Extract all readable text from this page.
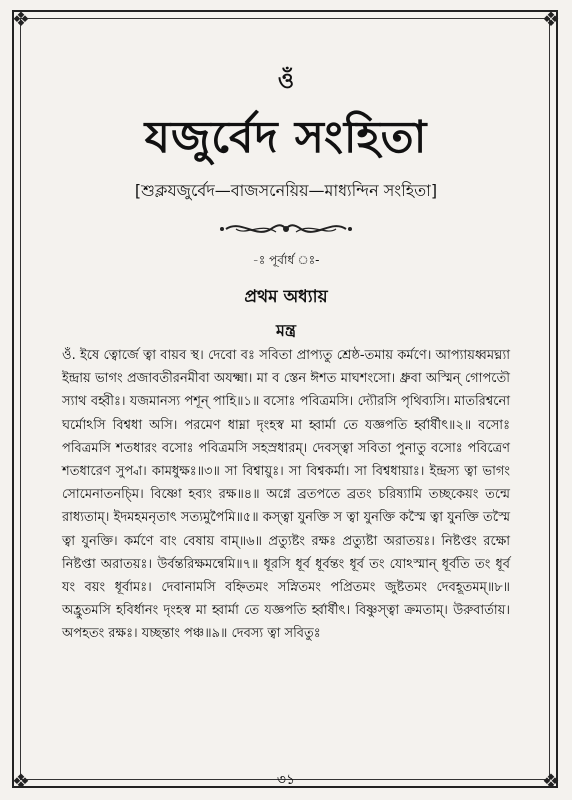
❖	❖
❖	❖
ওঁ
যজুর্বেদ সংহিতা
[শুক্লযজুর্বেদ—বাজসনেয়িয়—মাধ্যন্দিন সংহিতা]
-ঃ পূর্বার্ধ ঃ-
প্রথম অধ্যায়
মন্ত্র

ওঁ. ইষে ত্বোর্জে ত্বা বায়ব স্থ। দেবো বঃ সবিতা প্রাপ্যতু শ্রেষ্ঠ-তমায় কর্মণে। আপ্যায়ধ্বমঘ্ন্যা ইন্দ্রায় ভাগং প্রজাবতীরনমীবা অযক্ষ্মা। মা ব স্তেন ঈশত মাঘশংসো। ধ্রুবা অস্মিন্ গোপতৌ স্যাথ বহ্বীঃ। যজমানস্য পশূন্ পাহি॥১॥ বসোঃ পবিত্রমসি। দ্যৌরসি পৃথিব্যসি। মাতরিশ্বনো ঘর্মোঽসি বিশ্বধা অসি। পরমেণ ধাম্না দৃংহস্ব মা হ্বার্মা তে যজ্ঞপতি র্হ্বার্ষীৎ॥২॥ বসোঃ পবিত্রমসি শতধারং বসোঃ পবিত্রমসি সহস্রধারম্। দেবস্ত্বা সবিতা পুনাতু বসোঃ পবিত্রেণ শতধারেণ সুপ্বা। কামধুক্ষঃ॥৩॥ সা বিশ্বায়ুঃ। সা বিশ্বকর্মা। সা বিশ্বধায়াঃ। ইন্দ্রস্য ত্বা ভাগং সোমেনাতনচ্মি। বিষ্ণো হব্যং রক্ষ॥৪॥ অগ্নে ব্রতপতে ব্রতং চরিষ্যামি তচ্ছকেয়ং তন্মে রাধ্যতাম্। ইদমহমনৃতাৎ সত্যমুপৈমি॥৫॥ কস্ত্বা যুনক্তি স ত্বা যুনক্তি কস্মৈ ত্বা যুনক্তি তস্মৈ ত্বা যুনক্তি। কর্মণে বাং বেষায় বাম্॥৬॥ প্রত্যুষ্টং রক্ষঃ প্রত্যুষ্টা অরাতয়ঃ। নিষ্টপ্তং রক্ষো নিষ্টপ্তা অরাতয়ঃ। উর্বন্তরিক্ষমন্বেমি॥৭॥ ধূরসি ধূর্ব ধূর্বন্তং ধূর্ব তং যোঽস্মান্ ধূর্বতি তং ধূর্ব যং বয়ং ধূর্বামঃ। দেবানামসি বহ্নিতমং সস্নিতমং পপ্রিতমং জুষ্টতমং দেবহূতমম্॥৮॥ অহ্রুতমসি হবির্ধানং দৃংহস্ব মা হ্বার্মা তে যজ্ঞপতি র্হ্বার্ষীৎ। বিষ্ণুস্ত্বা ক্রমতাম্। উরুবার্তায়। অপহতং রক্ষঃ। যচ্ছন্তাং পঞ্চ॥৯॥ দেবস্য ত্বা সবিতুঃ

৩১
